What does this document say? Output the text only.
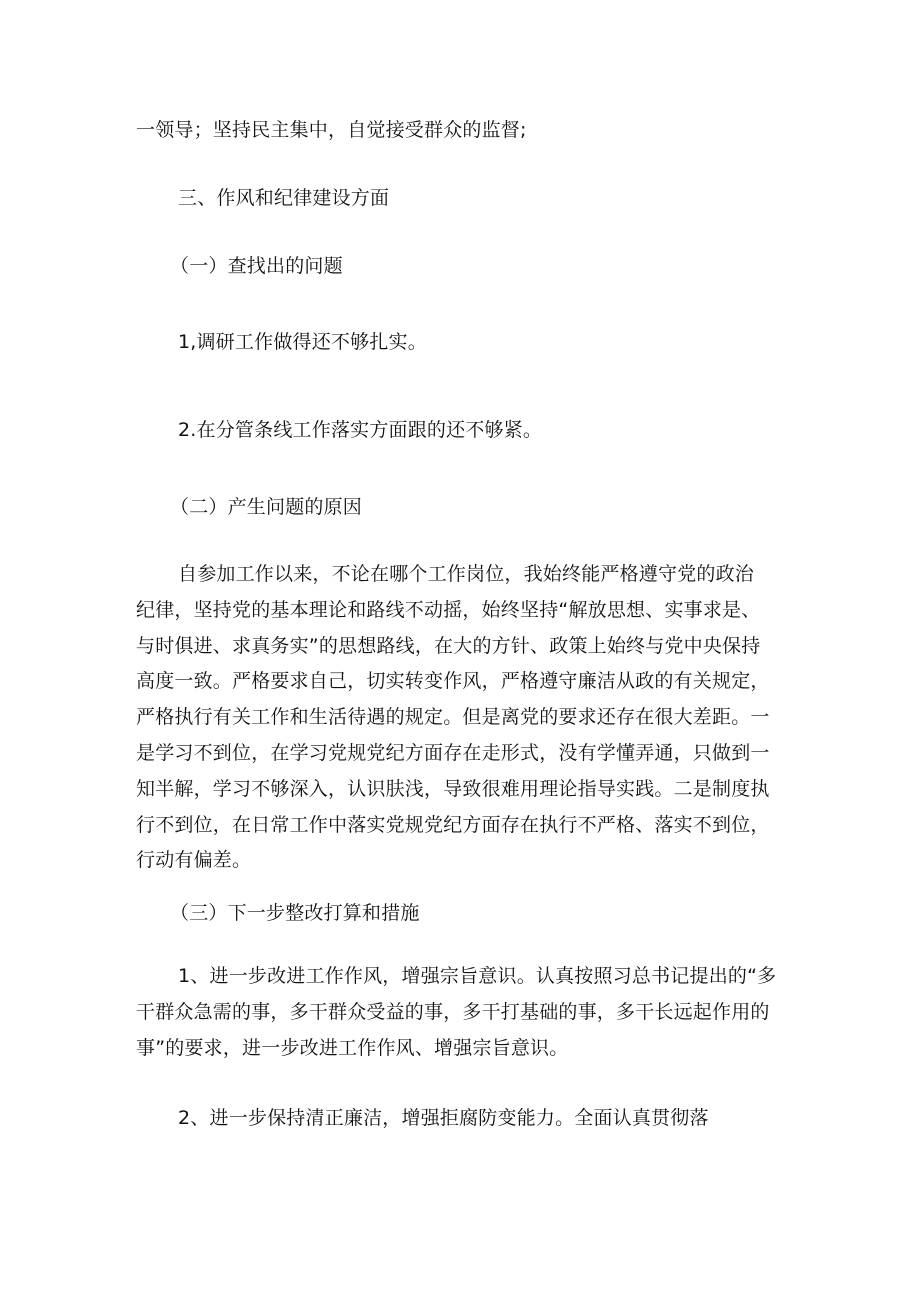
一领导；坚持民主集中，自觉接受群众的监督;

三、作风和纪律建设方面

（一）查找出的问题

1,调研工作做得还不够扎实。

2.在分管条线工作落实方面跟的还不够紧。

（二）产生问题的原因

自参加工作以来，不论在哪个工作岗位，我始终能严格遵守党的政治
纪律，坚持党的基本理论和路线不动摇，始终坚持“解放思想、实事求是、
与时俱进、求真务实”的思想路线，在大的方针、政策上始终与党中央保持
高度一致。严格要求自己，切实转变作风，严格遵守廉洁从政的有关规定，
严格执行有关工作和生活待遇的规定。但是离党的要求还存在很大差距。一
是学习不到位，在学习党规党纪方面存在走形式，没有学懂弄通，只做到一
知半解，学习不够深入，认识肤浅，导致很难用理论指导实践。二是制度执
行不到位，在日常工作中落实党规党纪方面存在执行不严格、落实不到位，
行动有偏差。

（三）下一步整改打算和措施

1、进一步改进工作作风，增强宗旨意识。认真按照习总书记提出的“多
干群众急需的事，多干群众受益的事，多干打基础的事，多干长远起作用的
事”的要求，进一步改进工作作风、增强宗旨意识。

2、进一步保持清正廉洁，增强拒腐防变能力。全面认真贯彻落
